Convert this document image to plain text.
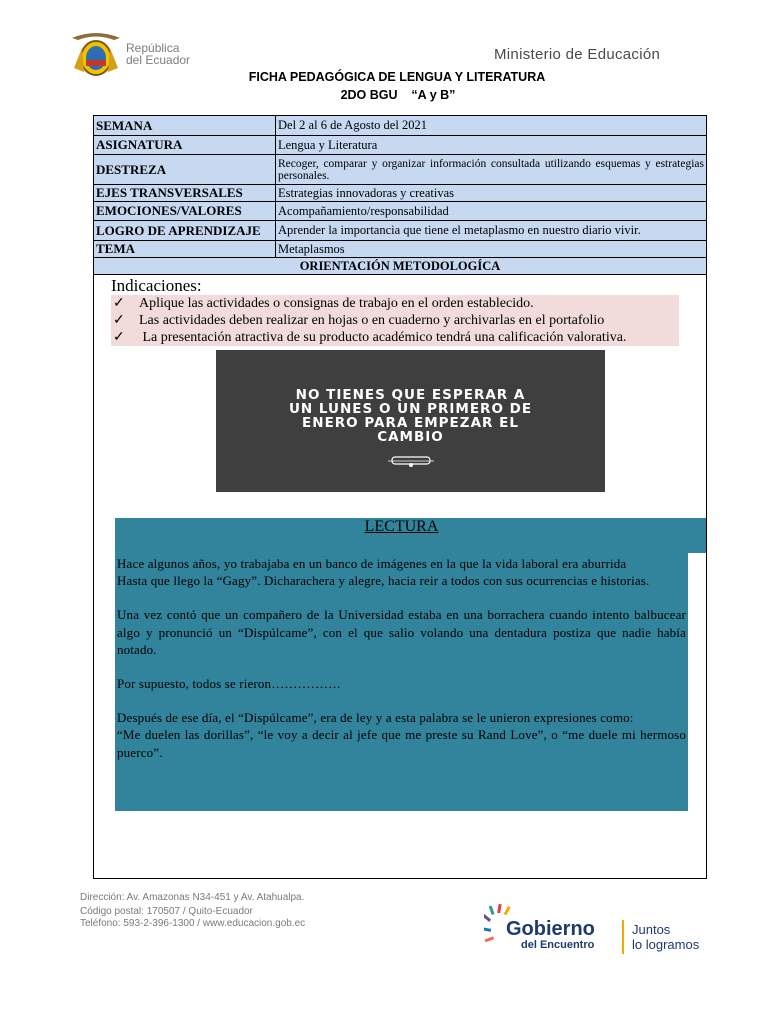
República
del Ecuador	Ministerio de Educación
FICHA PEDAGÓGICA DE LENGUA Y LITERATURA
2DO BGU    “A y B”
SEMANA	Del 2 al 6 de Agosto del 2021
ASIGNATURA	Lengua y Literatura
DESTREZA	Recoger, comparar y organizar información consultada utilizando esquemas y estrategias personales.
EJES TRANSVERSALES	Estrategias innovadoras y creativas
EMOCIONES/VALORES	Acompañamiento/responsabilidad
LOGRO DE APRENDIZAJE	Aprender la importancia que tiene el metaplasmo en nuestro diario vivir.
TEMA	Metaplasmos
ORIENTACIÓN METODOLOGÍCA	
Indicaciones:
✓	Aplique las actividades o consignas de trabajo en el orden establecido.
✓	Las actividades deben realizar en hojas o en cuaderno y archivarlas en el portafolio
✓	La presentación atractiva de su producto académico tendrá una calificación valorativa.
NO TIENES QUE ESPERAR A
UN LUNES O UN PRIMERO DE
ENERO PARA EMPEZAR EL
CAMBIO
LECTURA

Hace algunos años, yo trabajaba en un banco de imágenes en la que la vida laboral era aburrida

Hasta que llego la “Gagy”. Dicharachera y alegre, hacia reir a todos con sus ocurrencias e historias.

Una vez contó que un compañero de la Universidad estaba en una borrachera cuando intento balbucear algo y pronunció un “Dispúlcame”, con el que salio volando una dentadura postiza que nadie había notado.

Por supuesto, todos se rieron…………….

Después de ese día, el “Dispúlcame”, era de ley y a esta palabra se le unieron expresiones como:

“Me duelen las dorillas”, “le voy a decir al jefe que me preste su Rand Love”, o “me duele mi hermoso puerco”.

Dirección: Av. Amazonas N34-451 y Av. Atahualpa.
Código postal: 170507 / Quito-Ecuador
Teléfono: 593-2-396-1300 / www.educacion.gob.ec	Gobierno
del Encuentro
Juntos
lo logramos
